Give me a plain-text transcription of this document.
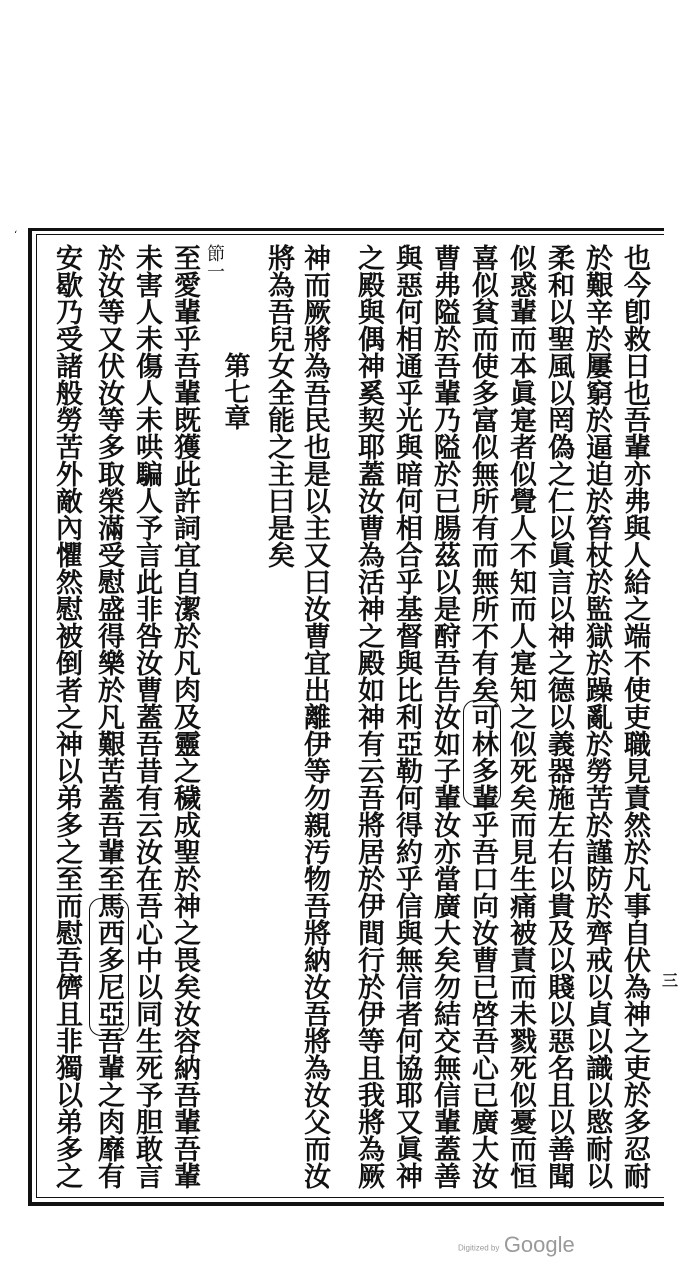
‘
三
也今卽救日也吾輩亦弗與人給之端不使吏職見責然於凡事自伏為神之吏於多忍耐
於艱辛於屢窮於逼迫於笞杖於監獄於躁亂於勞苦於謹防於齊戒以貞以識以愍耐以
柔和以聖風以罔偽之仁以眞言以神之德以義器施左右以貴及以賤以惡名且以善聞
似惑輩而本眞寔者似覺人不知而人寔知之似死矣而見生痛被責而未戮死似憂而恒
喜似貧而使多富似無所有而無所不有矣可林多輩乎吾口向汝曹已啓吾心已廣大汝
曹弗隘於吾輩乃隘於已腸茲以是酧吾告汝如子輩汝亦當廣大矣勿結交無信輩蓋善
與惡何相通乎光與暗何相合乎基督與比利亞勒何得約乎信與無信者何協耶又眞神
之殿與偶神奚契耶蓋汝曹為活神之殿如神有云吾將居於伊間行於伊等且我將為厥
神而厥將為吾民也是以主又曰汝曹宜出離伊等勿親汚物吾將納汝吾將為汝父而汝
將為吾兒女全能之主曰是矣
第七章
節一
至愛輩乎吾輩既獲此許詞宜自潔於凡肉及靈之穢成聖於神之畏矣汝容納吾輩吾輩
未害人未傷人未哄騙人予言此非咎汝曹蓋吾昔有云汝在吾心中以同生死予胆敢言
於汝等又伏汝等多取榮滿受慰盛得樂於凡艱苦蓋吾輩至馬西多尼亞吾輩之肉靡有
安歇乃受諸般勞苦外敵內懼然慰被倒者之神以弟多之至而慰吾儕且非獨以弟多之
Digitized by Google
